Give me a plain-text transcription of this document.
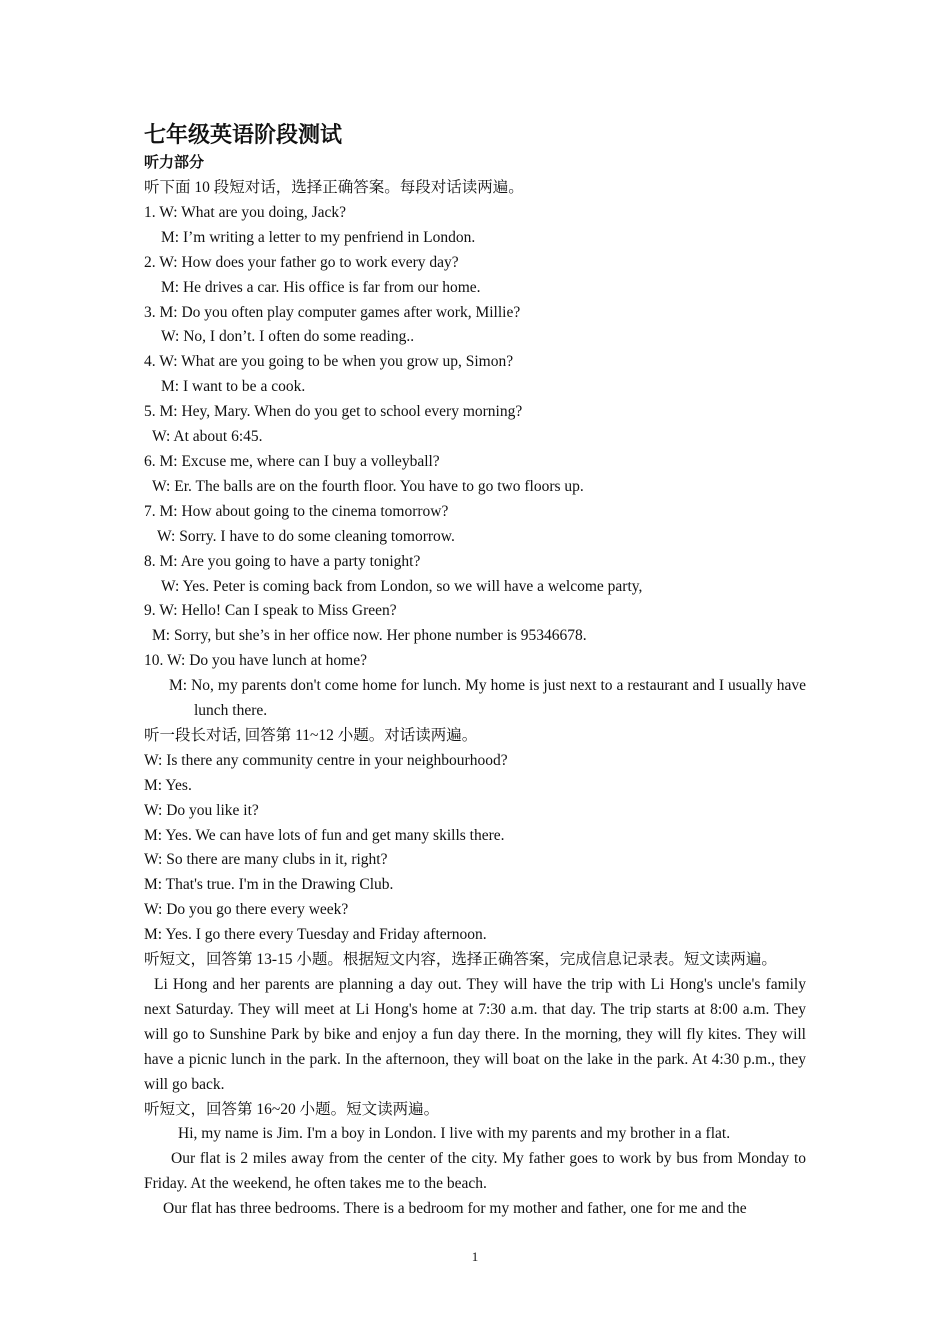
七年级英语阶段测试
听力部分
听下面 10 段短对话，选择正确答案。每段对话读两遍。
1. W: What are you doing, Jack?
M: I’m writing a letter to my penfriend in London.
2. W: How does your father go to work every day?
M: He drives a car. His office is far from our home.
3. M: Do you often play computer games after work, Millie?
W: No, I don’t. I often do some reading..
4. W: What are you going to be when you grow up, Simon?
M: I want to be a cook.
5. M: Hey, Mary. When do you get to school every morning?
W: At about 6:45.
6. M: Excuse me, where can I buy a volleyball?
W: Er. The balls are on the fourth floor. You have to go two floors up.
7. M: How about going to the cinema tomorrow?
W: Sorry. I have to do some cleaning tomorrow.
8. M: Are you going to have a party tonight?
W: Yes. Peter is coming back from London, so we will have a welcome party,
9. W: Hello! Can I speak to Miss Green?
M: Sorry, but she’s in her office now. Her phone number is 95346678.
10. W: Do you have lunch at home?
M: No, my parents don't come home for lunch. My home is just next to a restaurant and I usually have lunch there.
听一段长对话, 回答第 11~12 小题。对话读两遍。
W: Is there any community centre in your neighbourhood?
M: Yes.
W: Do you like it?
M: Yes. We can have lots of fun and get many skills there.
W: So there are many clubs in it, right?
M: That's true. I'm in the Drawing Club.
W: Do you go there every week?
M: Yes. I go there every Tuesday and Friday afternoon.
听短文，回答第 13-15 小题。根据短文内容，选择正确答案，完成信息记录表。短文读两遍。
Li Hong and her parents are planning a day out. They will have the trip with Li Hong's uncle's family next Saturday. They will meet at Li Hong's home at 7:30 a.m. that day. The trip starts at 8:00 a.m. They will go to Sunshine Park by bike and enjoy a fun day there. In the morning, they will fly kites. They will have a picnic lunch in the park. In the afternoon, they will boat on the lake in the park. At 4:30 p.m., they will go back.
听短文，回答第 16~20 小题。短文读两遍。
Hi, my name is Jim. I'm a boy in London. I live with my parents and my brother in a flat.
Our flat is 2 miles away from the center of the city. My father goes to work by bus from Monday to Friday. At the weekend, he often takes me to the beach.
Our flat has three bedrooms. There is a bedroom for my mother and father, one for me and the
1
